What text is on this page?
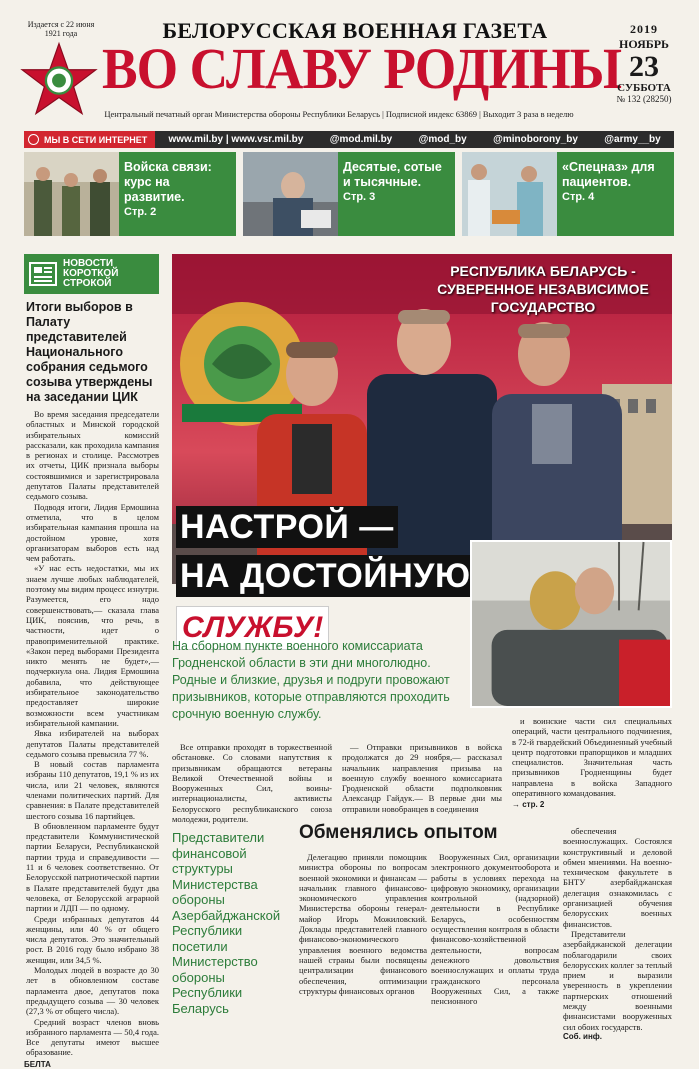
Издается с 22 июня 1921 года	БЕЛОРУССКАЯ ВОЕННАЯ ГАЗЕТА
ВО СЛАВУ РОДИНЫ
Центральный печатный орган Министерства обороны Республики Беларусь | Подписной индекс 63869 | Выходит 3 раза в неделю
2019
НОЯБРЬ
23
СУББОТА
№ 132 (28250)
МЫ В СЕТИ ИНТЕРНЕТ www.mil.by | www.vsr.mil.by	@mod.mil.by	@mod_by	@minoborony_by	@army__by
Войска связи: курс на развитие.
Стр. 2
Десятые, сотые и тысячные.
Стр. 3
«Спецназ» для пациентов.
Стр. 4
НОВОСТИ КОРОТКОЙ СТРОКОЙ
Итоги выборов в Палату представителей Национального собрания седьмого созыва утверждены на заседании ЦИК

Во время заседания председатели областных и Минской городской избирательных комиссий рассказали, как проходила кампания в регионах и столице. Рассмотрев их отчеты, ЦИК признала выборы состоявшимися и зарегистрировала депутатов Палаты представителей седьмого созыва.

Подводя итоги, Лидия Ермошина отметила, что в целом избирательная кампания прошла на достойном уровне, хотя организаторам выборов есть над чем работать.

«У нас есть недостатки, мы их знаем лучше любых наблюдателей, поэтому мы видим процесс изнутри. Разумеется, его надо совершенствовать,— сказала глава ЦИК, пояснив, что речь, в частности, идет о правоприменительной практике. «Закон перед выборами Президента никто менять не будет»,— подчеркнула она. Лидия Ермошина добавила, что действующее избирательное законодательство предоставляет широкие возможности всем участникам избирательной кампании.

Явка избирателей на выборах депутатов Палаты представителей седьмого созыва превысила 77 %.

В новый состав парламента избраны 110 депутатов, 19,1 % из их числа, или 21 человек, являются членами политических партий. Для сравнения: в Палате представителей шестого созыва 16 партийцев.

В обновленном парламенте будут представители Коммунистической партии Беларуси, Республиканской партии труда и справедливости — 11 и 6 человек соответственно. От Белорусской патриотической партии в Палате представителей будут два человека, от Белорусской аграрной партии и ЛДП — по одному.

Среди избранных депутатов 44 женщины, или 40 % от общего числа депутатов. Это значительный рост. В 2016 году было избрано 38 женщин, или 34,5 %.

Молодых людей в возрасте до 30 лет в обновленном составе парламента двое, депутатов пока предыдущего созыва — 30 человек (27,3 % от общего числа).

Средний возраст членов вновь избранного парламента — 50,4 года. Все депутаты имеют высшее образование.

БЕЛТА
РЕСПУБЛИКА БЕЛАРУСЬ - СУВЕРЕННОЕ НЕЗАВИСИМОЕ ГОСУДАРСТВО
НАСТРОЙ —
НА ДОСТОЙНУЮ
СЛУЖБУ!
На сборном пункте военного комиссариата Гродненской области в эти дни многолюдно. Родные и близкие, друзья и подруги провожают призывников, которые отправляются проходить срочную военную службу.

Все отправки проходят в торжественной обстановке. Со словами напутствия к призывникам обращаются ветераны Великой Отечественной войны и Вооруженных Сил, воины-интернационалисты, активисты Белорусского республиканского союза молодежи, родители.

— Отправки призывников в войска продолжатся до 29 ноября,— рассказал начальник направления призыва на военную службу военного комиссариата Гродненской области подполковник Александр Гайдук.— В первые дни мы отправили новобранцев в соединения

и воинские части сил специальных операций, части центрального подчинения, в 72-й гвардейский Объединенный учебный центр подготовки прапорщиков и младших специалистов. Значительная часть призывников Гродненщины будет направлена в войска Западного оперативного командования.

→ стр. 2
Представители финансовой структуры Министерства обороны Азербайджанской Республики посетили Министерство обороны Республики Беларусь
Обменялись опытом

Делегацию приняли помощник министра обороны по вопросам военной экономики и финансам — начальник главного финансово-экономического управления Министерства обороны генерал-майор Игорь Можиловский. Доклады представителей главного финансово-экономического управления военного ведомства нашей страны были посвящены централизации финансового обеспечения, оптимизации структуры финансовых органов

Вооруженных Сил, организации электронного документооборота и работы в условиях перехода на цифровую экономику, организации контрольной (надзорной) деятельности в Республике Беларусь, особенностям осуществления контроля в области финансово-хозяйственной деятельности, вопросам денежного довольствия военнослужащих и оплаты труда гражданского персонала Вооруженных Сил, а также пенсионного

обеспечения военнослужащих. Состоялся конструктивный и деловой обмен мнениями. На военно-техническом факультете в БНТУ азербайджанская делегация ознакомилась с организацией обучения белорусских военных финансистов.

Представители азербайджанской делегации поблагодарили своих белорусских коллег за теплый прием и выразили уверенность в укреплении партнерских отношений между военными финансистами вооруженных сил обоих государств.

Соб. инф.
